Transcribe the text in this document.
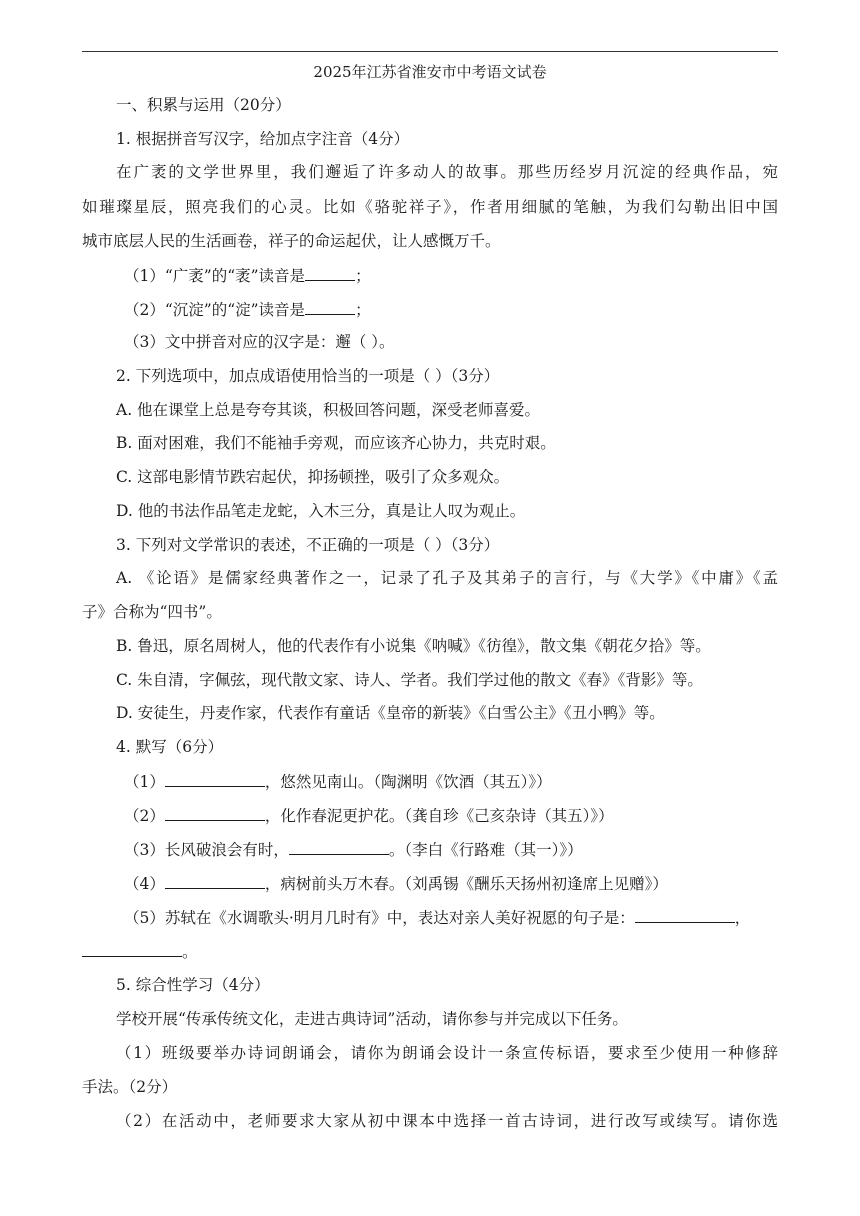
2025年江苏省淮安市中考语文试卷
一、积累与运用（20分）
1. 根据拼音写汉字，给加点字注音（4分）
在广袤的文学世界里，我们邂逅了许多动人的故事。那些历经岁月沉淀的经典作品，宛
如璀璨星辰，照亮我们的心灵。比如《骆驼祥子》，作者用细腻的笔触，为我们勾勒出旧中国
城市底层人民的生活画卷，祥子的命运起伏，让人感慨万千。
（1）“广袤”的“袤”读音是	；
（2）“沉淀”的“淀”读音是	；
（3）文中拼音对应的汉字是：邂（ ）。
2. 下列选项中，加点成语使用恰当的一项是（ ）（3分）
A. 他在课堂上总是夸夸其谈，积极回答问题，深受老师喜爱。
B. 面对困难，我们不能袖手旁观，而应该齐心协力，共克时艰。
C. 这部电影情节跌宕起伏，抑扬顿挫，吸引了众多观众。
D. 他的书法作品笔走龙蛇，入木三分，真是让人叹为观止。
3. 下列对文学常识的表述，不正确的一项是（ ）（3分）
A. 《论语》是儒家经典著作之一，记录了孔子及其弟子的言行，与《大学》《中庸》《孟
子》合称为“四书”。
B. 鲁迅，原名周树人，他的代表作有小说集《呐喊》《彷徨》，散文集《朝花夕拾》等。
C. 朱自清，字佩弦，现代散文家、诗人、学者。我们学过他的散文《春》《背影》等。
D. 安徒生，丹麦作家，代表作有童话《皇帝的新装》《白雪公主》《丑小鸭》等。
4. 默写（6分）
（1）	，悠然见南山。（陶渊明《饮酒（其五）》）
（2）	，化作春泥更护花。（龚自珍《己亥杂诗（其五）》）
（3）长风破浪会有时，	。（李白《行路难（其一）》）
（4）	，病树前头万木春。（刘禹锡《酬乐天扬州初逢席上见赠》）
（5）苏轼在《水调歌头·明月几时有》中，表达对亲人美好祝愿的句子是：	，
。
5. 综合性学习（4分）
学校开展“传承传统文化，走进古典诗词”活动，请你参与并完成以下任务。
（1）班级要举办诗词朗诵会，请你为朗诵会设计一条宣传标语，要求至少使用一种修辞
手法。（2分）
（2）在活动中，老师要求大家从初中课本中选择一首古诗词，进行改写或续写。请你选
